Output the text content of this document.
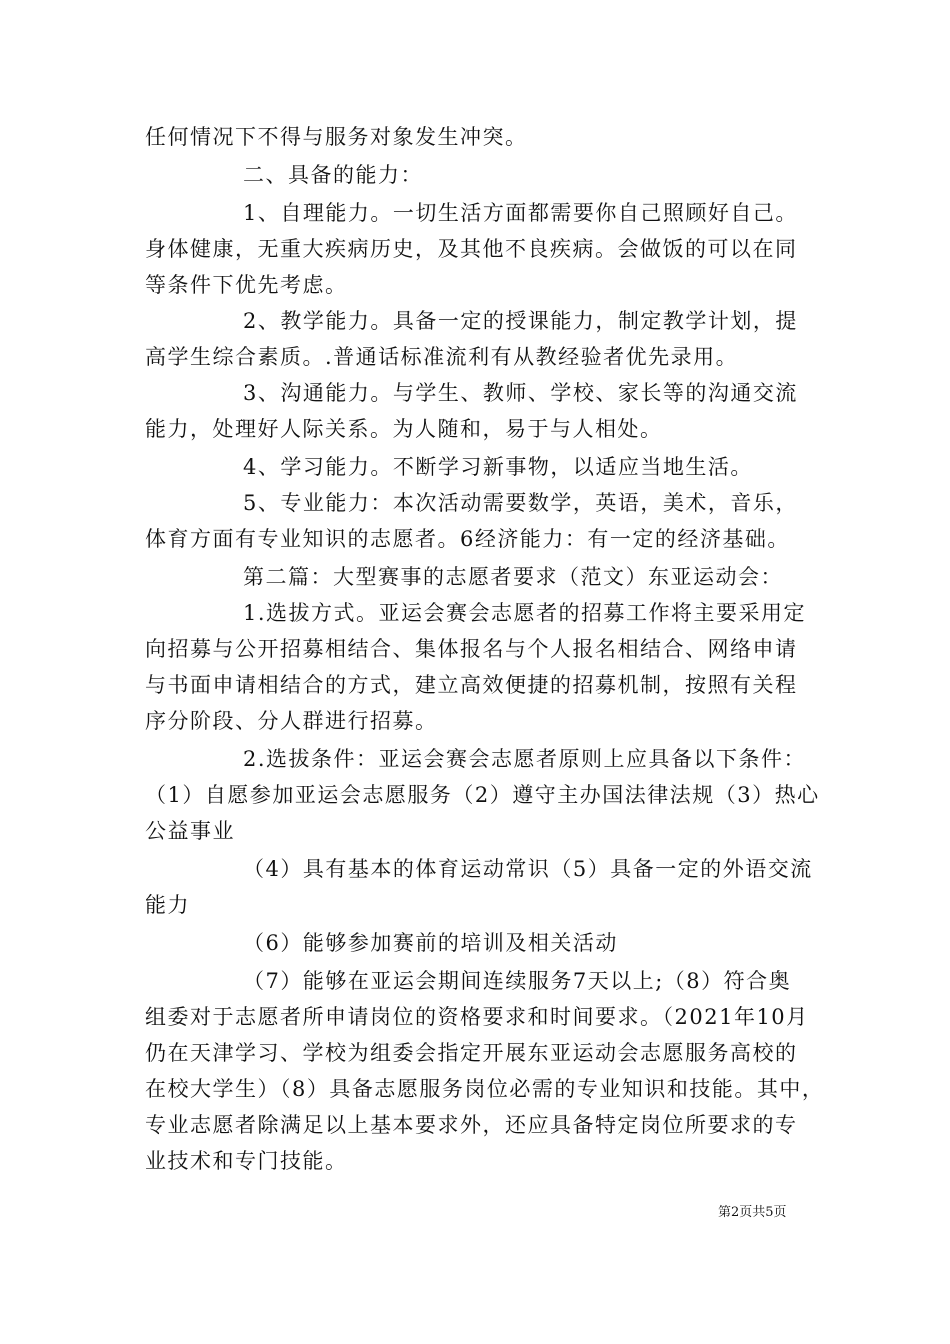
任何情况下不得与服务对象发生冲突。
二、具备的能力：
1、自理能力。一切生活方面都需要你自己照顾好自己。
身体健康，无重大疾病历史，及其他不良疾病。会做饭的可以在同
等条件下优先考虑。
2、教学能力。具备一定的授课能力，制定教学计划，提
高学生综合素质。.普通话标准流利有从教经验者优先录用。
3、沟通能力。与学生、教师、学校、家长等的沟通交流
能力，处理好人际关系。为人随和，易于与人相处。
4、学习能力。不断学习新事物，以适应当地生活。
5、专业能力：本次活动需要数学，英语，美术，音乐，
体育方面有专业知识的志愿者。6经济能力：有一定的经济基础。
第二篇：大型赛事的志愿者要求（范文）东亚运动会：
1.选拔方式。亚运会赛会志愿者的招募工作将主要采用定
向招募与公开招募相结合、集体报名与个人报名相结合、网络申请
与书面申请相结合的方式，建立高效便捷的招募机制，按照有关程
序分阶段、分人群进行招募。
2.选拔条件：亚运会赛会志愿者原则上应具备以下条件：
（1）自愿参加亚运会志愿服务（2）遵守主办国法律法规（3）热心
公益事业
（4）具有基本的体育运动常识（5）具备一定的外语交流
能力
（6）能够参加赛前的培训及相关活动
（7）能够在亚运会期间连续服务7天以上;（8）符合奥
组委对于志愿者所申请岗位的资格要求和时间要求。（2021年10月
仍在天津学习、学校为组委会指定开展东亚运动会志愿服务高校的
在校大学生）（8）具备志愿服务岗位必需的专业知识和技能。其中，
专业志愿者除满足以上基本要求外，还应具备特定岗位所要求的专
业技术和专门技能。
第2页共5页
